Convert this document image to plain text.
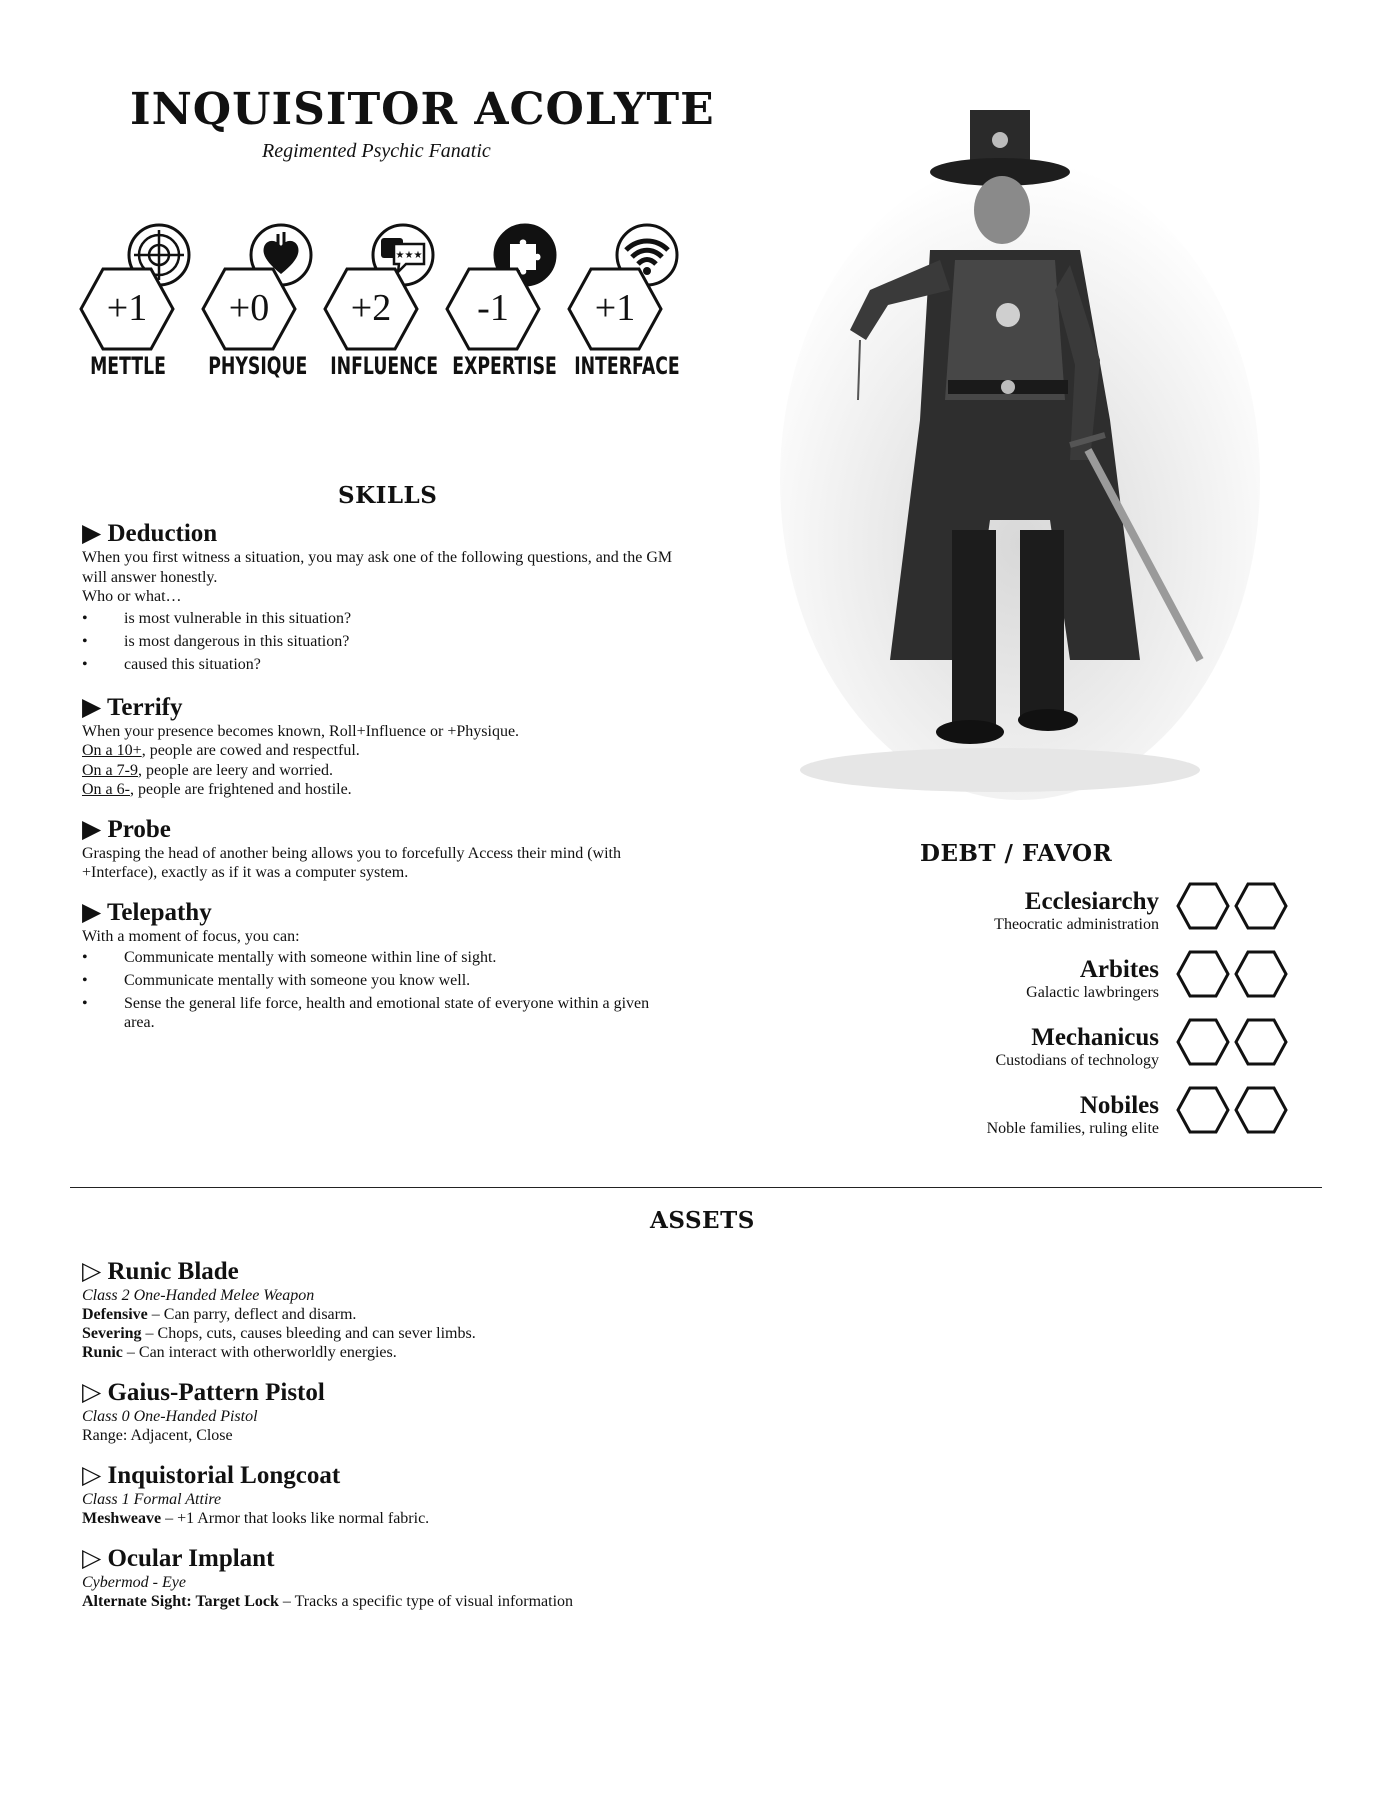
INQUISITOR ACOLYTE
Regimented Psychic Fanatic
+1
METTLE
+0
PHYSIQUE
★★★
+2
INFLUENCE
-1
EXPERTISE
+1
INTERFACE
SKILLS
▶ Deduction

When you first witness a situation, you may ask one of the following questions, and the GM will answer honestly.

Who or what…

• is most vulnerable in this situation?
• is most dangerous in this situation?
• caused this situation?
▶ Terrify

When your presence becomes known, Roll+Influence or +Physique.

On a 10+, people are cowed and respectful.

On a 7-9, people are leery and worried.

On a 6-, people are frightened and hostile.

▶ Probe

Grasping the head of another being allows you to forcefully Access their mind (with +Interface), exactly as if it was a computer system.

▶ Telepathy

With a moment of focus, you can:

• Communicate mentally with someone within line of sight.
• Communicate mentally with someone you know well.
• Sense the general life force, health and emotional state of everyone within a given area.
DEBT / FAVOR
Ecclesiarchy
Theocratic administration
Arbites
Galactic lawbringers
Mechanicus
Custodians of technology
Nobiles
Noble families, ruling elite
ASSETS
▷ Runic Blade
Class 2 One-Handed Melee Weapon
Defensive – Can parry, deflect and disarm.
Severing – Chops, cuts, causes bleeding and can sever limbs.
Runic – Can interact with otherworldly energies.
▷ Gaius-Pattern Pistol
Class 0 One-Handed Pistol
Range: Adjacent, Close
▷ Inquistorial Longcoat
Class 1 Formal Attire
Meshweave – +1 Armor that looks like normal fabric.
▷ Ocular Implant
Cybermod - Eye
Alternate Sight: Target Lock – Tracks a specific type of visual information
